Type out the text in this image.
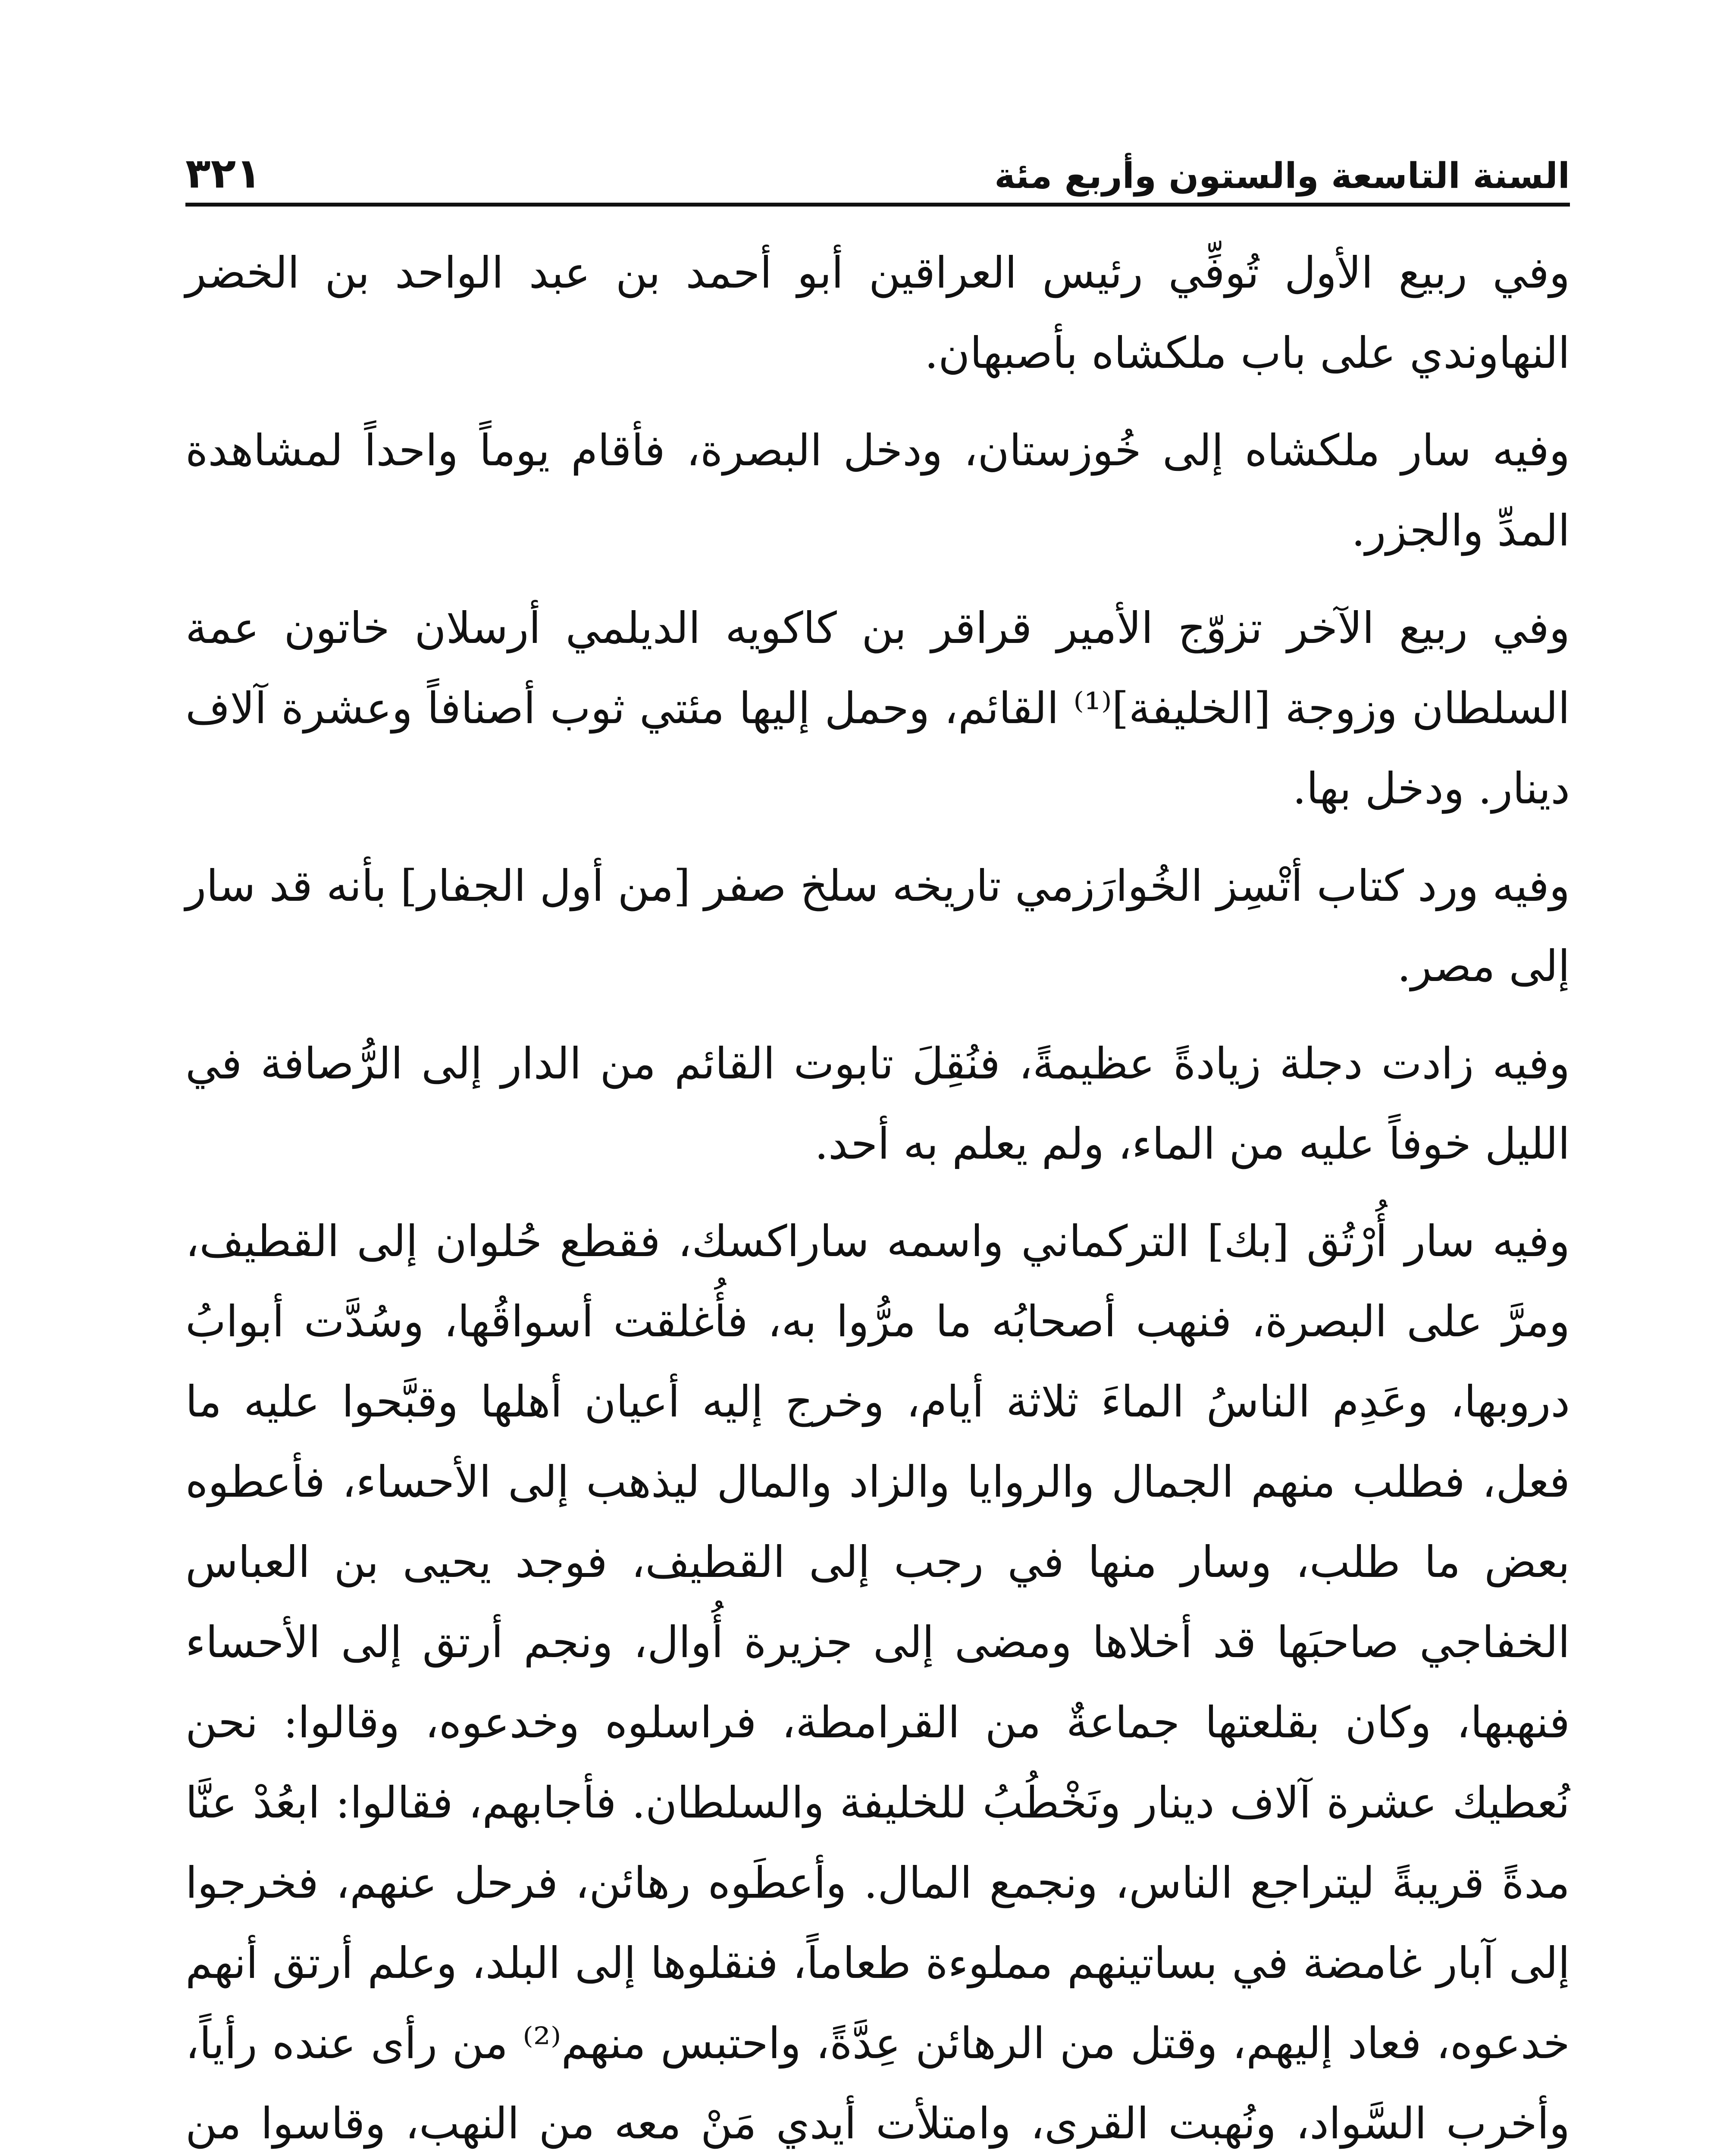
السنة التاسعة والستون وأربع مئة
٣٢١

وفي ربيع الأول تُوفِّي رئيس العراقين أبو أحمد بن عبد الواحد بن الخضر النهاوندي على باب ملكشاه بأصبهان.

وفيه سار ملكشاه إلى خُوزستان، ودخل البصرة، فأقام يوماً واحداً لمشاهدة المدِّ والجزر.

وفي ربيع الآخر تزوّج الأمير قراقر بن كاكويه الديلمي أرسلان خاتون عمة السلطان وزوجة [الخليفة]⁽¹⁾ القائم، وحمل إليها مئتي ثوب أصنافاً وعشرة آلاف دينار. ودخل بها.

وفيه ورد كتاب أتْسِز الخُوارَزمي تاريخه سلخ صفر [من أول الجفار] بأنه قد سار إلى مصر.

وفيه زادت دجلة زيادةً عظيمةً، فنُقِلَ تابوت القائم من الدار إلى الرُّصافة في الليل خوفاً عليه من الماء، ولم يعلم به أحد.

وفيه سار أُرْتُق [بك] التركماني واسمه ساراكسك، فقطع حُلوان إلى القطيف، ومرَّ على البصرة، فنهب أصحابُه ما مرُّوا به، فأُغلقت أسواقُها، وسُدَّت أبوابُ دروبها، وعَدِم الناسُ الماءَ ثلاثة أيام، وخرج إليه أعيان أهلها وقبَّحوا عليه ما فعل، فطلب منهم الجمال والروايا والزاد والمال ليذهب إلى الأحساء، فأعطوه بعض ما طلب، وسار منها في رجب إلى القطيف، فوجد يحيى بن العباس الخفاجي صاحبَها قد أخلاها ومضى إلى جزيرة أُوال، ونجم أرتق إلى الأحساء فنهبها، وكان بقلعتها جماعةٌ من القرامطة، فراسلوه وخدعوه، وقالوا: نحن نُعطيك عشرة آلاف دينار ونَخْطُبُ للخليفة والسلطان. فأجابهم، فقالوا: ابعُدْ عنَّا مدةً قريبةً ليتراجع الناس، ونجمع المال. وأعطَوه رهائن، فرحل عنهم، فخرجوا إلى آبار غامضة في بساتينهم مملوءة طعاماً، فنقلوها إلى البلد، وعلم أرتق أنهم خدعوه، فعاد إليهم، وقتل من الرهائن عِدَّةً، واحتبس منهم⁽²⁾ من رأى عنده رأياً، وأخرب السَّواد، ونُهبت القرى، وامتلأت أيدي مَنْ معه من النهب، وقاسوا من
